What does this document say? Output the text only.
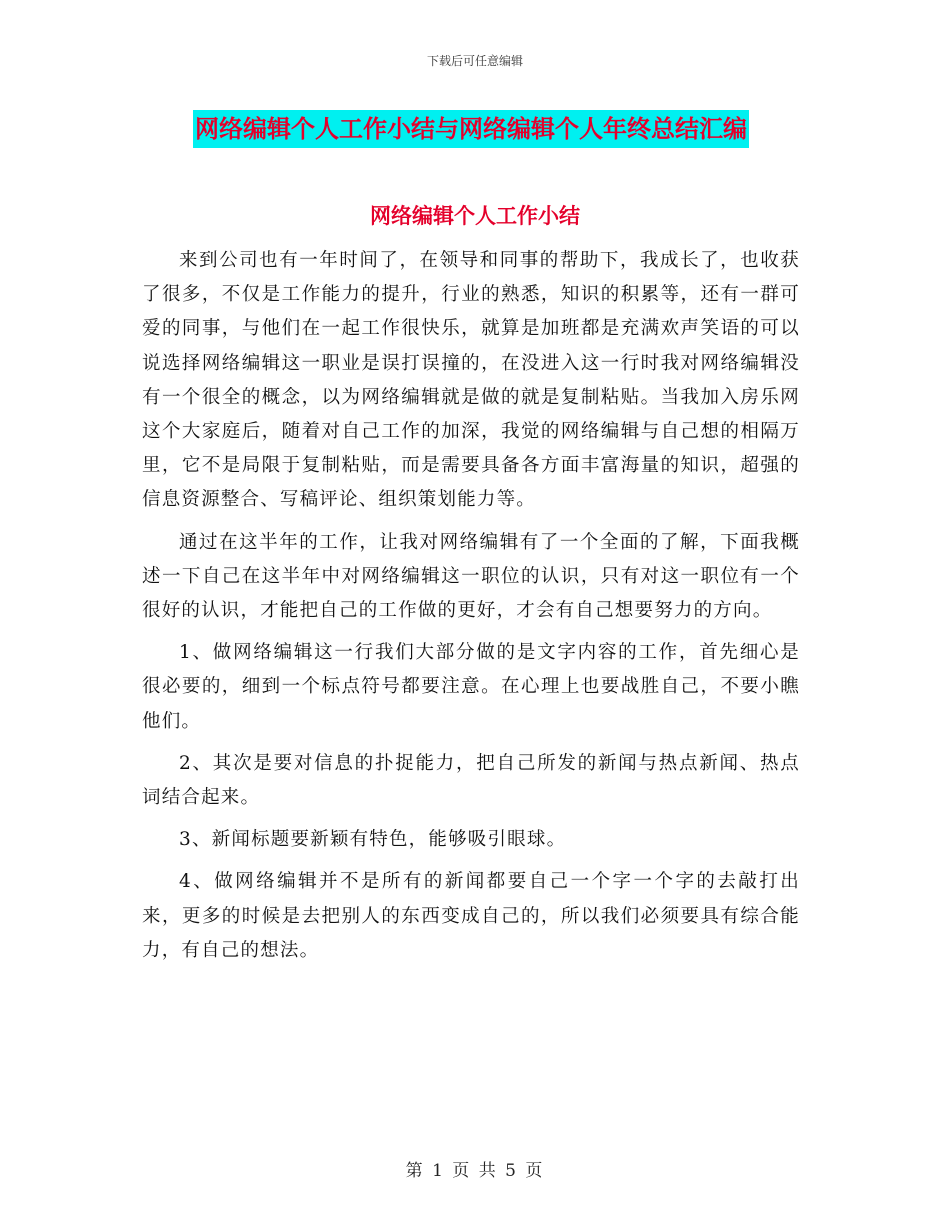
下载后可任意编辑
网络编辑个人工作小结与网络编辑个人年终总结汇编
网络编辑个人工作小结

来到公司也有一年时间了，在领导和同事的帮助下，我成长了，也收获了很多，不仅是工作能力的提升，行业的熟悉，知识的积累等，还有一群可爱的同事，与他们在一起工作很快乐，就算是加班都是充满欢声笑语的可以说选择网络编辑这一职业是误打误撞的，在没进入这一行时我对网络编辑没有一个很全的概念，以为网络编辑就是做的就是复制粘贴。当我加入房乐网这个大家庭后，随着对自己工作的加深，我觉的网络编辑与自己想的相隔万里，它不是局限于复制粘贴，而是需要具备各方面丰富海量的知识，超强的信息资源整合、写稿评论、组织策划能力等。

通过在这半年的工作，让我对网络编辑有了一个全面的了解，下面我概述一下自己在这半年中对网络编辑这一职位的认识，只有对这一职位有一个很好的认识，才能把自己的工作做的更好，才会有自己想要努力的方向。

1、做网络编辑这一行我们大部分做的是文字内容的工作，首先细心是很必要的，细到一个标点符号都要注意。在心理上也要战胜自己，不要小瞧他们。

2、其次是要对信息的扑捉能力，把自己所发的新闻与热点新闻、热点词结合起来。

3、新闻标题要新颖有特色，能够吸引眼球。

4、做网络编辑并不是所有的新闻都要自己一个字一个字的去敲打出来，更多的时候是去把别人的东西变成自己的，所以我们必须要具有综合能力，有自己的想法。

第 1 页 共 5 页
